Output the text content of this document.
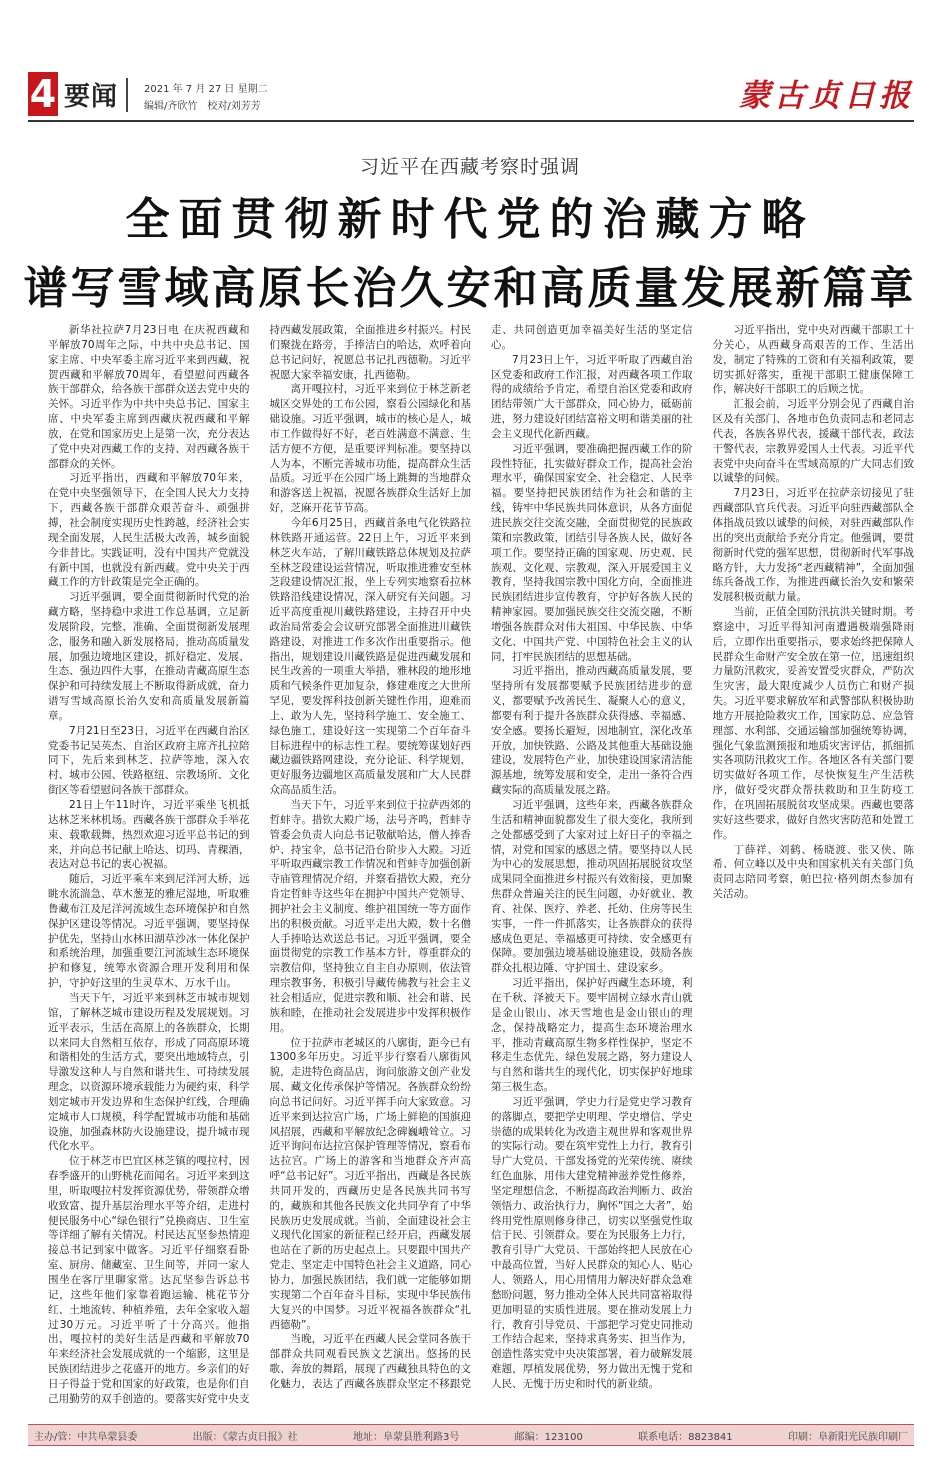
4 要闻	2021 年 7 月 27 日 星期二
编辑/齐欣竹　校对/刘芳芳	蒙古贞日报
习近平在西藏考察时强调
全面贯彻新时代党的治藏方略
谱写雪域高原长治久安和高质量发展新篇章

新华社拉萨7月23日电 在庆祝西藏和平解放70周年之际，中共中央总书记、国家主席、中央军委主席习近平来到西藏，祝贺西藏和平解放70周年，看望慰问西藏各族干部群众，给各族干部群众送去党中央的关怀。习近平作为中共中央总书记、国家主席、中央军委主席到西藏庆祝西藏和平解放，在党和国家历史上是第一次，充分表达了党中央对西藏工作的支持、对西藏各族干部群众的关怀。

习近平指出，西藏和平解放70年来，在党中央坚强领导下，在全国人民大力支持下，西藏各族干部群众艰苦奋斗、顽强拼搏，社会制度实现历史性跨越，经济社会实现全面发展，人民生活极大改善，城乡面貌今非昔比。实践证明，没有中国共产党就没有新中国，也就没有新西藏。党中央关于西藏工作的方针政策是完全正确的。

习近平强调，要全面贯彻新时代党的治藏方略，坚持稳中求进工作总基调，立足新发展阶段，完整、准确、全面贯彻新发展理念，服务和融入新发展格局，推动高质量发展，加强边境地区建设，抓好稳定、发展、生态、强边四件大事，在推动青藏高原生态保护和可持续发展上不断取得新成就，奋力谱写雪域高原长治久安和高质量发展新篇章。

7月21日至23日，习近平在西藏自治区党委书记吴英杰、自治区政府主席齐扎拉陪同下，先后来到林芝、拉萨等地，深入农村、城市公园、铁路枢纽、宗教场所、文化街区等看望慰问各族干部群众。

21日上午11时许，习近平乘坐飞机抵达林芝米林机场。西藏各族干部群众手举花束、载歌载舞，热烈欢迎习近平总书记的到来，并向总书记献上哈达、切玛、青稞酒，表达对总书记的衷心祝福。

随后，习近平乘车来到尼洋河大桥，远眺水流湍急、草木葱茏的雅尼湿地，听取雅鲁藏布江及尼洋河流域生态环境保护和自然保护区建设等情况。习近平强调，要坚持保护优先，坚持山水林田湖草沙冰一体化保护和系统治理，加强重要江河流域生态环境保护和修复，统筹水资源合理开发利用和保护，守护好这里的生灵草木、万水千山。

当天下午，习近平来到林芝市城市规划馆，了解林芝城市建设历程及发展规划。习近平表示，生活在高原上的各族群众，长期以来同大自然相互依存，形成了同高原环境和谐相处的生活方式，要突出地域特点，引导激发这种人与自然和谐共生、可持续发展理念，以资源环境承载能力为硬约束，科学划定城市开发边界和生态保护红线，合理确定城市人口规模，科学配置城市功能和基础设施，加强森林防火设施建设，提升城市现代化水平。

位于林芝市巴宜区林芝镇的嘎拉村，因春季盛开的山野桃花而闻名。习近平来到这里，听取嘎拉村发挥资源优势，带领群众增收致富、提升基层治理水平等介绍，走进村便民服务中心“绿色银行”兑换商店、卫生室等详细了解有关情况。村民达瓦坚参热情迎接总书记到家中做客。习近平仔细察看卧室、厨房、储藏室、卫生间等，并同一家人围坐在客厅里聊家常。达瓦坚参告诉总书记，这些年他们家靠着跑运输、桃花节分红、土地流转、种植养殖，去年全家收入超过30万元。习近平听了十分高兴。他指出，嘎拉村的美好生活是西藏和平解放70年来经济社会发展成就的一个缩影，这里是民族团结进步之花盛开的地方。乡亲们的好日子得益于党和国家的好政策，也是你们自己用勤劳的双手创造的。要落实好党中央支持西藏发展政策，全面推进乡村振兴。村民们聚拢在路旁，手捧洁白的哈达，欢呼着向总书记问好，祝愿总书记扎西德勒。习近平祝愿大家幸福安康，扎西德勒。

离开嘎拉村，习近平来到位于林芝新老城区交界处的工布公园，察看公园绿化和基础设施。习近平强调，城市的核心是人，城市工作做得好不好，老百姓满意不满意、生活方便不方便，是重要评判标准。要坚持以人为本，不断完善城市功能，提高群众生活品质。习近平在公园广场上跳舞的当地群众和游客送上祝福，祝愿各族群众生活好上加好，芝麻开花节节高。

今年6月25日，西藏首条电气化铁路拉林铁路开通运营。22日上午，习近平来到林芝火车站，了解川藏铁路总体规划及拉萨至林芝段建设运营情况，听取推进雅安至林芝段建设情况汇报，坐上专列实地察看拉林铁路沿线建设情况，深入研究有关问题。习近平高度重视川藏铁路建设，主持召开中央政治局常委会会议研究部署全面推进川藏铁路建设，对推进工作多次作出重要指示。他指出，规划建设川藏铁路是促进西藏发展和民生改善的一项重大举措，雅林段的地形地质和气候条件更加复杂，修建难度之大世所罕见，要发挥科技创新关键性作用，迎难而上、敢为人先，坚持科学施工、安全施工、绿色施工，建设好这一实现第二个百年奋斗目标进程中的标志性工程。要统筹谋划好西藏边疆铁路网建设，充分论证、科学规划，更好服务边疆地区高质量发展和广大人民群众高品质生活。

当天下午，习近平来到位于拉萨西郊的哲蚌寺。措钦大殿广场，法号齐鸣，哲蚌寺管委会负责人向总书记敬献哈达，僧人捧香炉、持宝伞，总书记沿台阶步入大殿。习近平听取西藏宗教工作情况和哲蚌寺加强创新寺庙管理情况介绍，并察看措钦大殿，充分肯定哲蚌寺这些年在拥护中国共产党领导、拥护社会主义制度、维护祖国统一等方面作出的积极贡献。习近平走出大殿，数十名僧人手捧哈达欢送总书记。习近平强调，要全面贯彻党的宗教工作基本方针，尊重群众的宗教信仰，坚持独立自主自办原则，依法管理宗教事务，积极引导藏传佛教与社会主义社会相适应，促进宗教和顺、社会和谐、民族和睦，在推动社会发展进步中发挥积极作用。

位于拉萨市老城区的八廓街，距今已有1300多年历史。习近平步行察看八廓街风貌，走进特色商品店，询问旅游文创产业发展、藏文化传承保护等情况。各族群众纷纷向总书记问好。习近平挥手向大家致意。习近平来到达拉宫广场，广场上鲜艳的国旗迎风招展，西藏和平解放纪念碑巍峨耸立。习近平询问布达拉宫保护管理等情况，察看布达拉宫。广场上的游客和当地群众齐声高呼“总书记好”。习近平指出，西藏是各民族共同开发的，西藏历史是各民族共同书写的，藏族和其他各民族文化共同孕育了中华民族历史发展成就。当前，全面建设社会主义现代化国家的新征程已经开启，西藏发展也站在了新的历史起点上。只要跟中国共产党走、坚定走中国特色社会主义道路，同心协力，加强民族团结，我们就一定能够如期实现第二个百年奋斗目标，实现中华民族伟大复兴的中国梦。习近平祝福各族群众“扎西德勒”。

当晚，习近平在西藏人民会堂同各族干部群众共同观看民族文艺演出。悠扬的民歌、奔放的舞蹈，展现了西藏独具特色的文化魅力，表达了西藏各族群众坚定不移跟党走、共同创造更加幸福美好生活的坚定信心。

7月23日上午，习近平听取了西藏自治区党委和政府工作汇报，对西藏各项工作取得的成绩给予肯定，希望自治区党委和政府团结带领广大干部群众，同心协力，砥砺前进，努力建设好团结富裕文明和谐美丽的社会主义现代化新西藏。

习近平强调，要准确把握西藏工作的阶段性特征，扎实做好群众工作，提高社会治理水平，确保国家安全、社会稳定、人民幸福。要坚持把民族团结作为社会和谐的主线，铸牢中华民族共同体意识，从各方面促进民族交往交流交融，全面贯彻党的民族政策和宗教政策，团结引导各族人民，做好各项工作。要坚持正确的国家观、历史观、民族观、文化观、宗教观，深入开展爱国主义教育，坚持我国宗教中国化方向，全面推进民族团结进步宣传教育，守护好各族人民的精神家园。要加强民族交往交流交融，不断增强各族群众对伟大祖国、中华民族、中华文化、中国共产党、中国特色社会主义的认同，打牢民族团结的思想基础。

习近平指出，推动西藏高质量发展，要坚持所有发展都要赋予民族团结进步的意义，都要赋予改善民生、凝聚人心的意义，都要有利于提升各族群众获得感、幸福感、安全感。要扬长避短，因地制宜，深化改革开放，加快铁路、公路及其他重大基础设施建设，发展特色产业，加快建设国家清洁能源基地，统筹发展和安全，走出一条符合西藏实际的高质量发展之路。

习近平强调，这些年来，西藏各族群众生活和精神面貌都发生了很大变化，我所到之处都感受到了大家对过上好日子的幸福之情，对党和国家的感恩之情。要坚持以人民为中心的发展思想，推动巩固拓展脱贫攻坚成果同全面推进乡村振兴有效衔接，更加聚焦群众普遍关注的民生问题，办好就业、教育、社保、医疗、养老、托幼、住房等民生实事，一件一件抓落实，让各族群众的获得感成色更足、幸福感更可持续、安全感更有保障。要加强边境基础设施建设，鼓励各族群众扎根边陲、守护国土、建设家乡。

习近平指出，保护好西藏生态环境，利在千秋、泽被天下。要牢固树立绿水青山就是金山银山、冰天雪地也是金山银山的理念，保持战略定力，提高生态环境治理水平，推动青藏高原生物多样性保护，坚定不移走生态优先、绿色发展之路，努力建设人与自然和谐共生的现代化，切实保护好地球第三极生态。

习近平强调，学史力行是党史学习教育的落脚点，要把学史明理、学史增信、学史崇德的成果转化为改造主观世界和客观世界的实际行动。要在筑牢党性上力行，教育引导广大党员、干部发扬党的光荣传统、赓续红色血脉，用伟大建党精神滋养党性修养，坚定理想信念，不断提高政治判断力、政治领悟力、政治执行力，胸怀“国之大者”，始终用党性原则修身律己，切实以坚强党性取信于民、引领群众。要在为民服务上力行，教育引导广大党员、干部始终把人民放在心中最高位置，当好人民群众的知心人、贴心人、领路人，用心用情用力解决好群众急难愁盼问题，努力推动全体人民共同富裕取得更加明显的实质性进展。要在推动发展上力行，教育引导党员、干部把学习党史同推动工作结合起来，坚持求真务实、担当作为，创造性落实党中央决策部署，着力破解发展难题，厚植发展优势，努力做出无愧于党和人民、无愧于历史和时代的新业绩。

习近平指出，党中央对西藏干部职工十分关心，从西藏身高艰苦的工作、生活出发，制定了特殊的工资和有关福利政策，要切实抓好落实，重视干部职工健康保障工作，解决好干部职工的后顾之忧。

汇报会前，习近平分别会见了西藏自治区及有关部门、各地市色负责同志和老同志代表，各族各界代表，援藏干部代表，政法干警代表，宗教界爱国人士代表。习近平代表党中央向奋斗在雪域高原的广大同志们致以诚挚的问候。

7月23日，习近平在拉萨亲切接见了驻西藏部队官兵代表。习近平向驻西藏部队全体指战员致以诚挚的问候，对驻西藏部队作出的突出贡献给予充分肯定。他强调，要贯彻新时代党的强军思想，贯彻新时代军事战略方针，大力发扬“老西藏精神”，全面加强练兵备战工作，为推进西藏长治久安和繁荣发展积极贡献力量。

当前，正值全国防汛抗洪关键时期。考察途中，习近平得知河南遭遇极端强降雨后，立即作出重要指示，要求始终把保障人民群众生命财产安全放在第一位，迅速组织力量防汛救灾，妥善安置受灾群众，严防次生灾害，最大限度减少人员伤亡和财产损失。习近平要求解放军和武警部队积极协助地方开展抢险救灾工作，国家防总、应急管理部、水利部、交通运输部加强统筹协调，强化气象监测预报和地质灾害评估，抓细抓实各项防汛救灾工作。各地区各有关部门要切实做好各项工作，尽快恢复生产生活秩序，做好受灾群众帮扶救助和卫生防疫工作，在巩固拓展脱贫攻坚成果。西藏也要落实好这些要求，做好自然灾害防范和处置工作。

丁薛祥、刘鹤、杨晓渡、张又侠、陈希、何立峰以及中央和国家机关有关部门负责同志陪同考察，帕巴拉·格列朗杰参加有关活动。

主办/管：中共阜蒙县委	出版：《蒙古贞日报》社	地址：阜蒙县胜利路3号	邮编：123100	联系电话：8823841	印刷：阜新阳光民族印刷厂
